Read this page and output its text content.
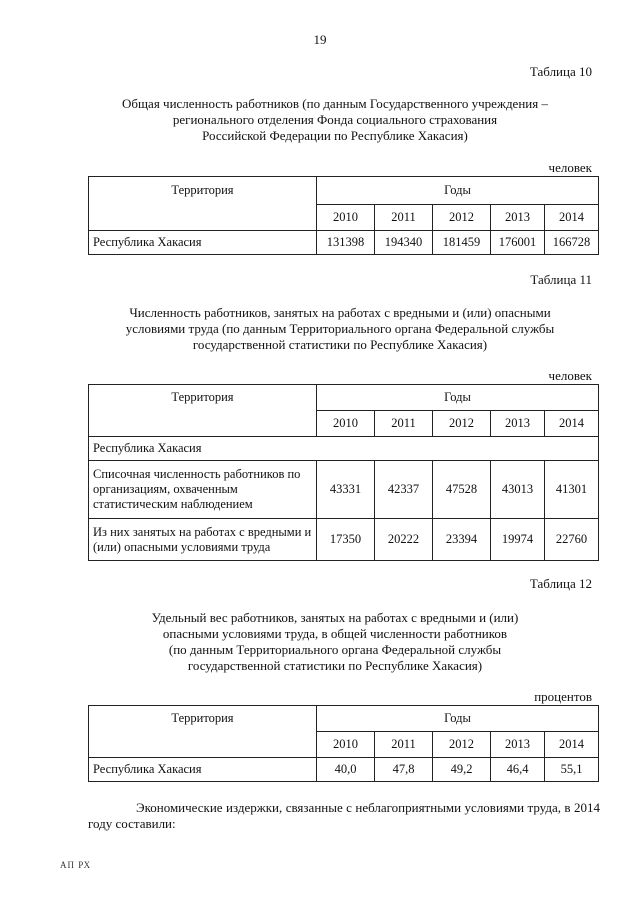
19
Таблица 10
Общая численность работников (по данным Государственного учреждения –
регионального отделения Фонда социального страхования
Российской Федерации по Республике Хакасия)
человек
Территория	Годы				
	2010	2011	2012	2013	2014
Республика Хакасия	131398	194340	181459	176001	166728
Таблица 11
Численность работников, занятых на работах с вредными и (или) опасными
условиями труда (по данным Территориального органа Федеральной службы
государственной статистики по Республике Хакасия)
человек
Территория	Годы				
	2010	2011	2012	2013	2014
Республика Хакасия					
Списочная численность работников по организациям, охваченным статистическим наблюдением	43331	42337	47528	43013	41301
Из них занятых на работах с вредными и (или) опасными условиями труда	17350	20222	23394	19974	22760
Таблица 12
Удельный вес работников, занятых на работах с вредными и (или)
опасными условиями труда, в общей численности работников
(по данным Территориального органа Федеральной службы
государственной статистики по Республике Хакасия)
процентов
Территория	Годы				
	2010	2011	2012	2013	2014
Республика Хакасия	40,0	47,8	49,2	46,4	55,1
Экономические издержки, связанные с неблагоприятными условиями труда, в 2014 году составили:
АП РХ
